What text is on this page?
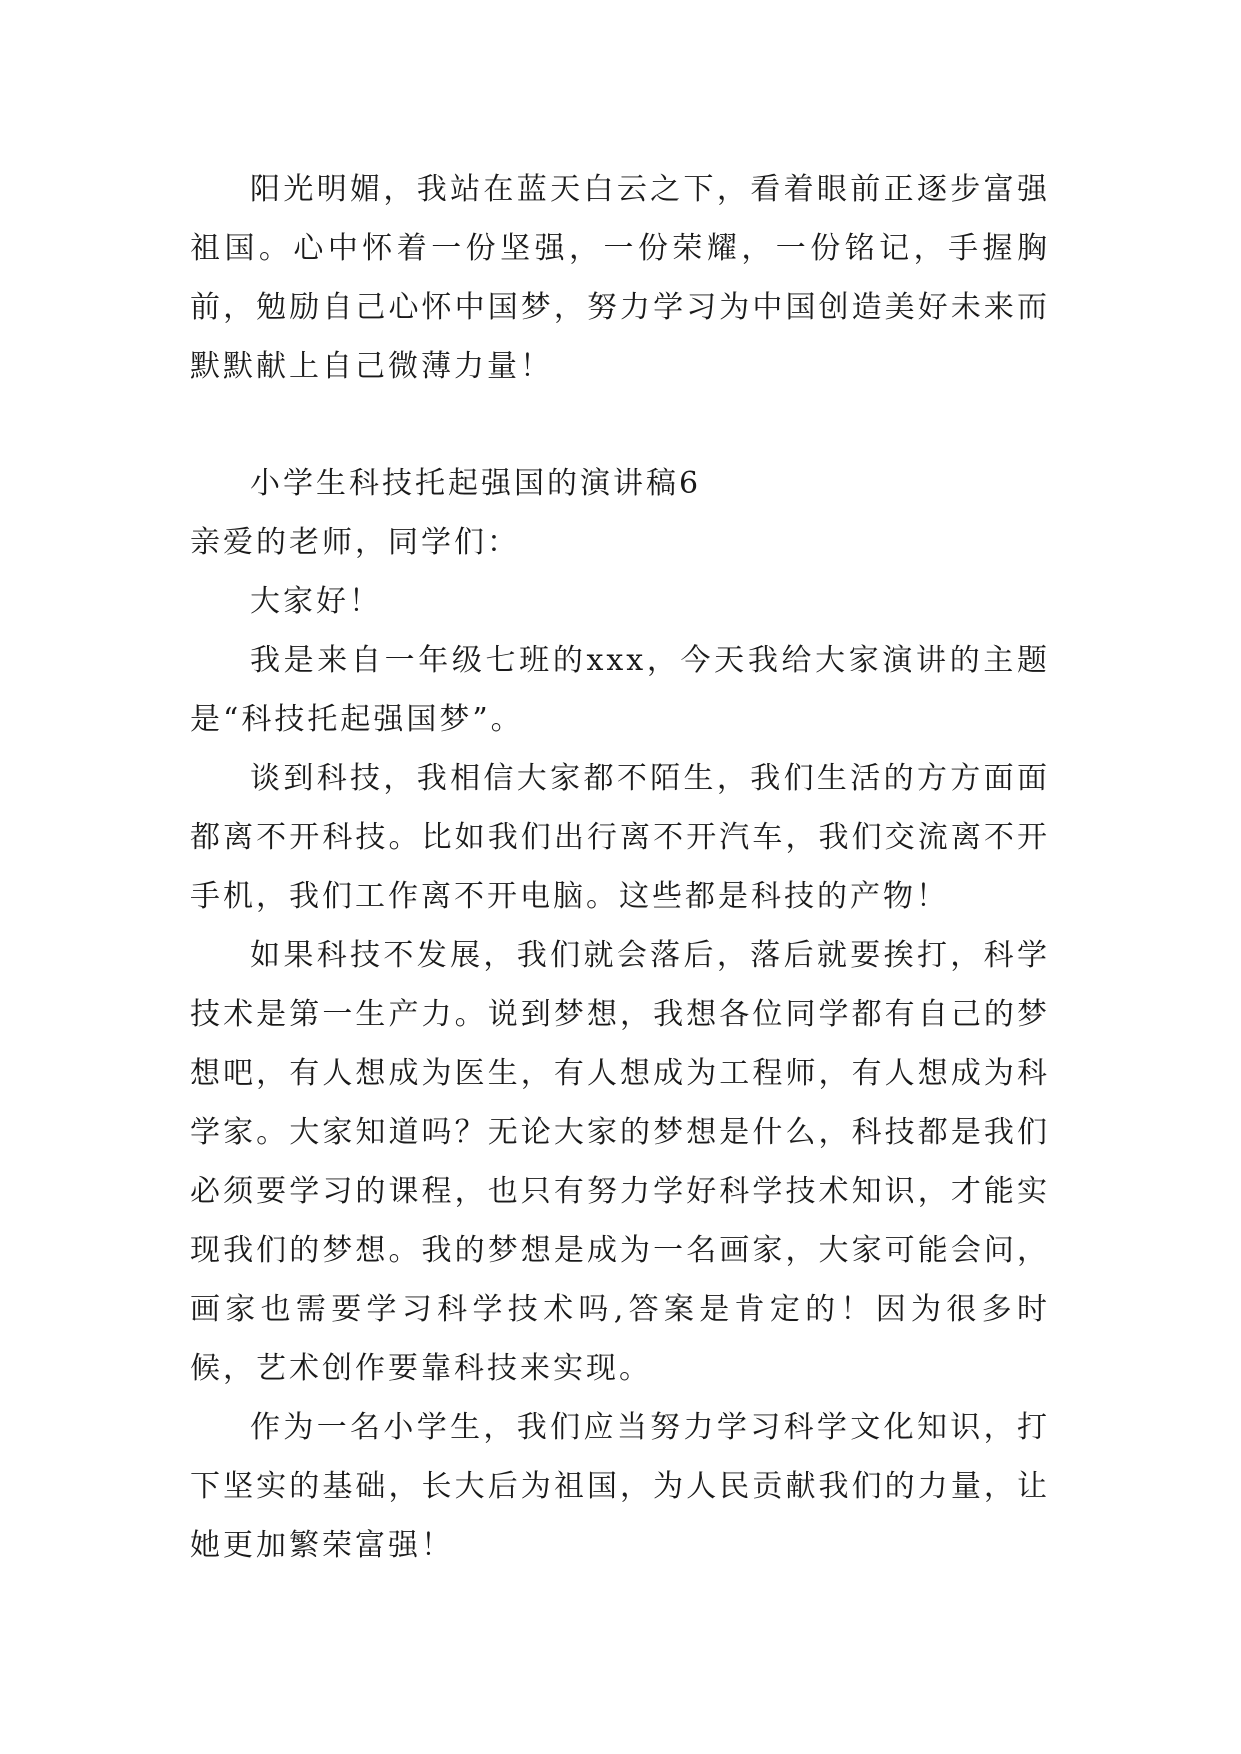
阳光明媚，我站在蓝天白云之下，看着眼前正逐步富强祖国。心中怀着一份坚强，一份荣耀，一份铭记，手握胸前，勉励自己心怀中国梦，努力学习为中国创造美好未来而默默献上自己微薄力量！

小学生科技托起强国的演讲稿6

亲爱的老师，同学们：

大家好！

我是来自一年级七班的xxx，今天我给大家演讲的主题是“科技托起强国梦”。

谈到科技，我相信大家都不陌生，我们生活的方方面面都离不开科技。比如我们出行离不开汽车，我们交流离不开手机，我们工作离不开电脑。这些都是科技的产物！

如果科技不发展，我们就会落后，落后就要挨打，科学技术是第一生产力。说到梦想，我想各位同学都有自己的梦想吧，有人想成为医生，有人想成为工程师，有人想成为科学家。大家知道吗？无论大家的梦想是什么，科技都是我们必须要学习的课程，也只有努力学好科学技术知识，才能实现我们的梦想。我的梦想是成为一名画家，大家可能会问，画家也需要学习科学技术吗,答案是肯定的！因为很多时候，艺术创作要靠科技来实现。

作为一名小学生，我们应当努力学习科学文化知识，打下坚实的基础，长大后为祖国，为人民贡献我们的力量，让她更加繁荣富强！
